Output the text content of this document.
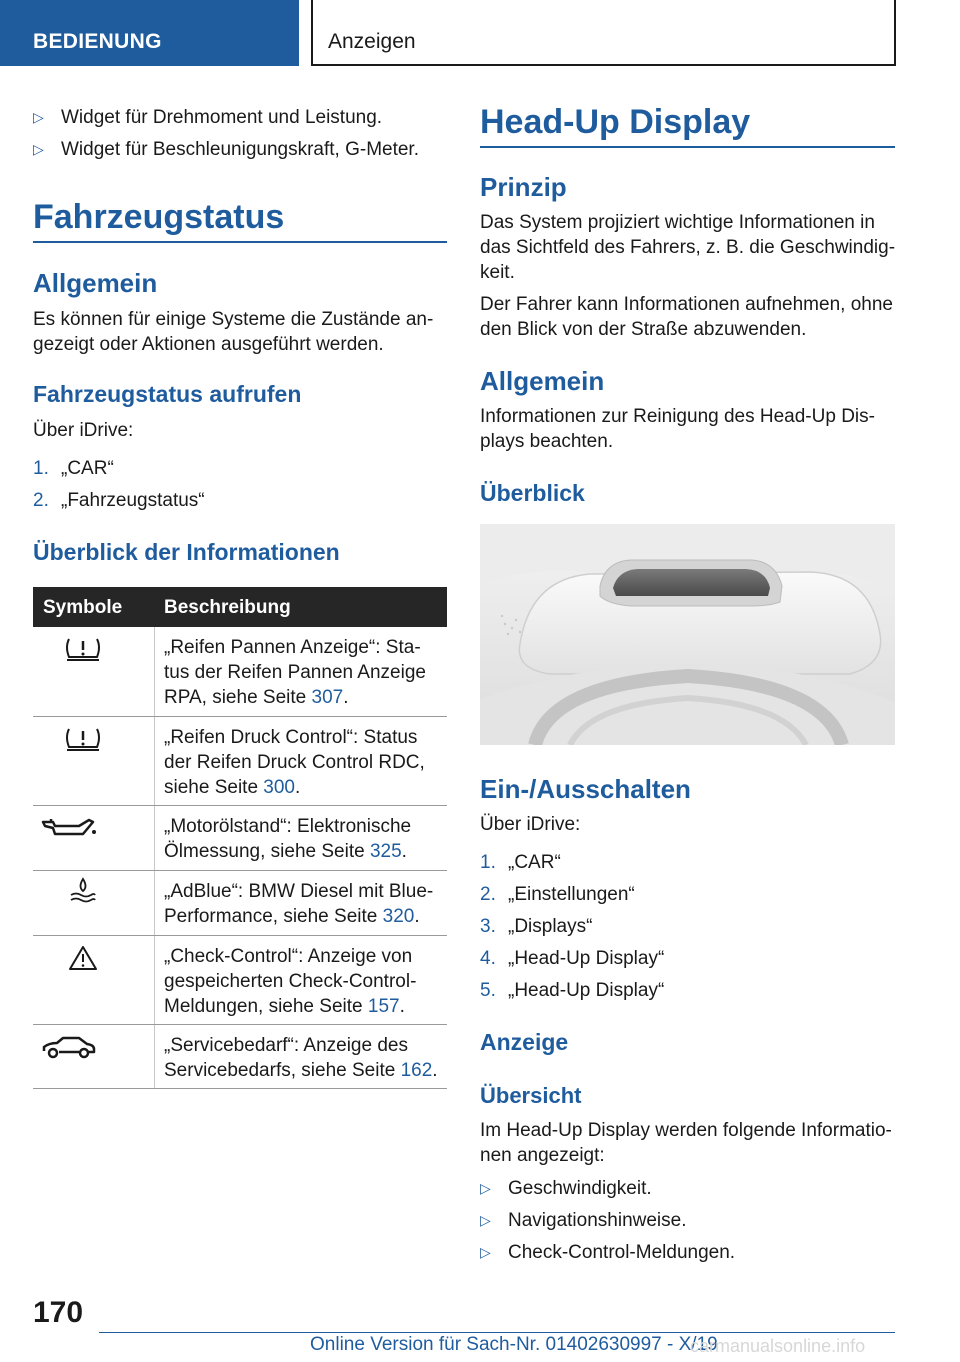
BEDIENUNG	Anzeigen
▷ Widget für Drehmoment und Leistung.
▷ Widget für Beschleunigungskraft, G-Meter.
Fahrzeugstatus
Allgemein
Es können für einige Systeme die Zustände an-
gezeigt oder Aktionen ausgeführt werden.
Fahrzeugstatus aufrufen
Über iDrive:
1. „CAR“
2. „Fahrzeugstatus“
Überblick der Informationen
Symbole Beschreibung
„Reifen Pannen Anzeige“: Sta-
tus der Reifen Pannen Anzeige
RPA, siehe Seite 307.
„Reifen Druck Control“: Status
der Reifen Druck Control RDC,
siehe Seite 300.
„Motorölstand“: Elektronische
Ölmessung, siehe Seite 325.
„AdBlue“: BMW Diesel mit Blue-
Performance, siehe Seite 320.
„Check-Control“: Anzeige von
gespeicherten Check-Control-
Meldungen, siehe Seite 157.
„Servicebedarf“: Anzeige des
Servicebedarfs, siehe Seite 162.
Head-Up Display
Prinzip
Das System projiziert wichtige Informationen in
das Sichtfeld des Fahrers, z. B. die Geschwindig-
keit.
Der Fahrer kann Informationen aufnehmen, ohne
den Blick von der Straße abzuwenden.
Allgemein
Informationen zur Reinigung des Head-Up Dis-
plays beachten.
Überblick
Ein-/Ausschalten
Über iDrive:
1. „CAR“
2. „Einstellungen“
3. „Displays“
4. „Head-Up Display“
5. „Head-Up Display“
Anzeige
Übersicht
Im Head-Up Display werden folgende Informatio-
nen angezeigt:
▷ Geschwindigkeit.
▷ Navigationshinweise.
▷ Check-Control-Meldungen.
170
Online Version für Sach-Nr. 01402630997 - X/19
carmanualsonline.info
